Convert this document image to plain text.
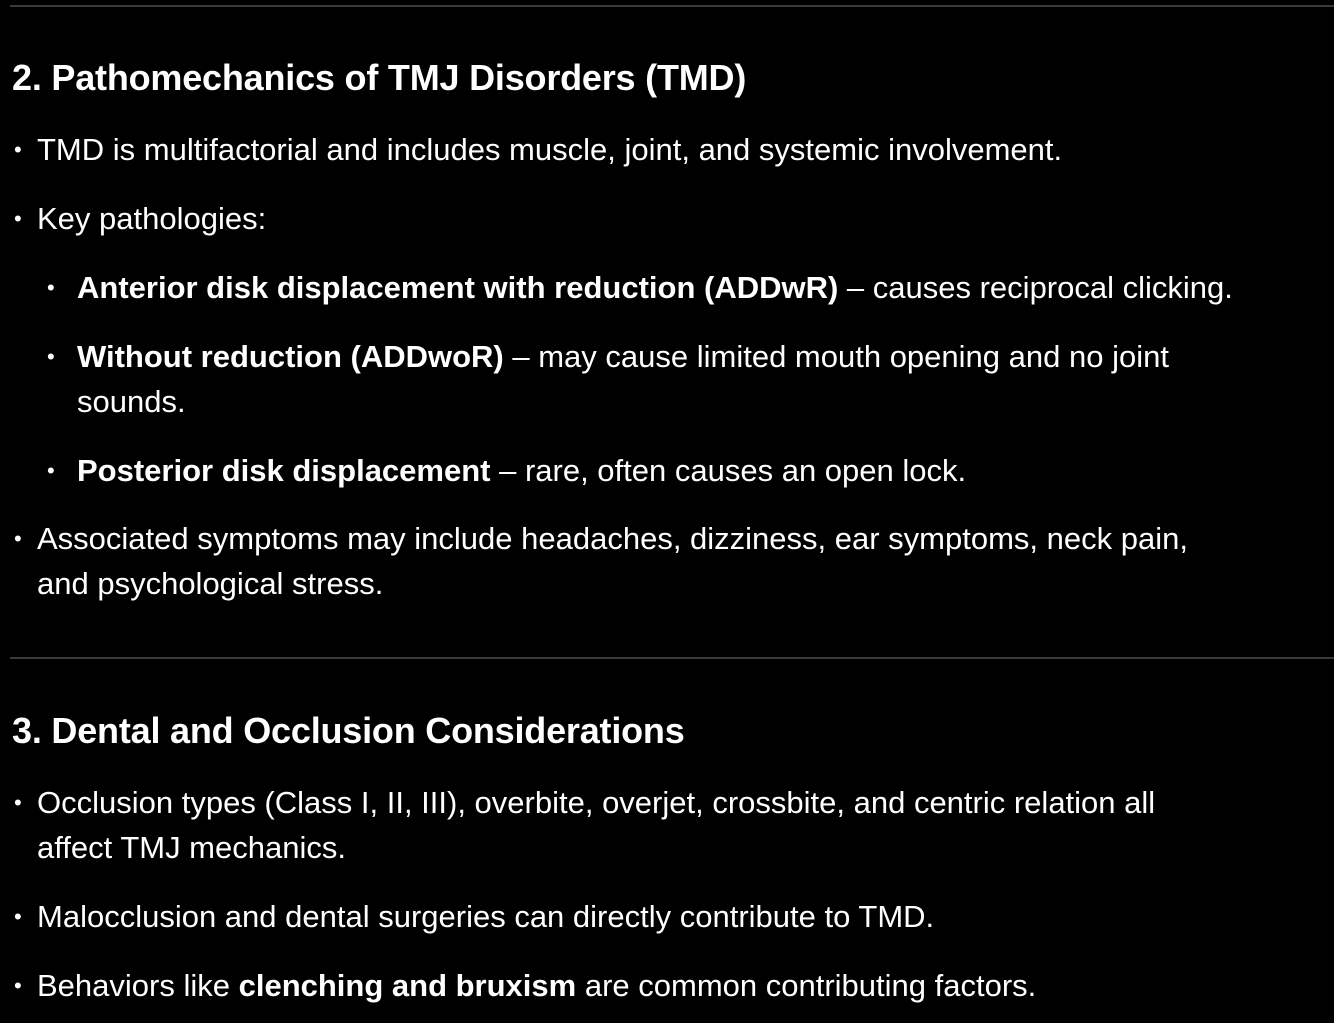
2. Pathomechanics of TMJ Disorders (TMD)
• TMD is multifactorial and includes muscle, joint, and systemic involvement.
• Key pathologies:
• Anterior disk displacement with reduction (ADDwR) – causes reciprocal clicking.
• Without reduction (ADDwoR) – may cause limited mouth opening and no joint
sounds.
• Posterior disk displacement – rare, often causes an open lock.
• Associated symptoms may include headaches, dizziness, ear symptoms, neck pain,
and psychological stress.
3. Dental and Occlusion Considerations
• Occlusion types (Class I, II, III), overbite, overjet, crossbite, and centric relation all
affect TMJ mechanics.
• Malocclusion and dental surgeries can directly contribute to TMD.
• Behaviors like clenching and bruxism are common contributing factors.
